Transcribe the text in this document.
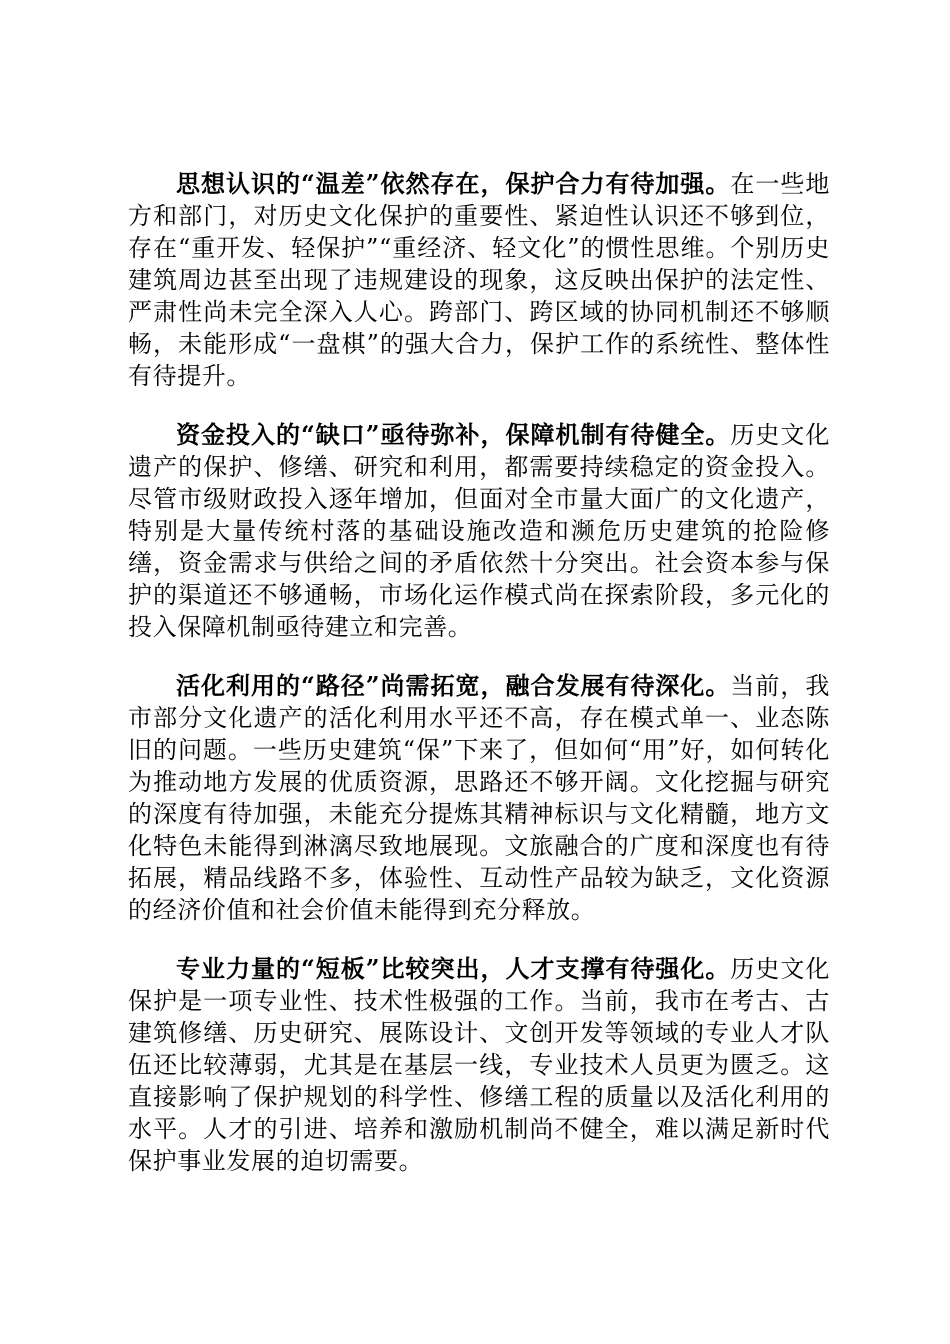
思想认识的“温差”依然存在，保护合力有待加强。在一些地方和部门，对历史文化保护的重要性、紧迫性认识还不够到位，存在“重开发、轻保护”“重经济、轻文化”的惯性思维。个别历史建筑周边甚至出现了违规建设的现象，这反映出保护的法定性、严肃性尚未完全深入人心。跨部门、跨区域的协同机制还不够顺畅，未能形成“一盘棋”的强大合力，保护工作的系统性、整体性有待提升。

资金投入的“缺口”亟待弥补，保障机制有待健全。历史文化遗产的保护、修缮、研究和利用，都需要持续稳定的资金投入。尽管市级财政投入逐年增加，但面对全市量大面广的文化遗产，特别是大量传统村落的基础设施改造和濒危历史建筑的抢险修缮，资金需求与供给之间的矛盾依然十分突出。社会资本参与保护的渠道还不够通畅，市场化运作模式尚在探索阶段，多元化的投入保障机制亟待建立和完善。

活化利用的“路径”尚需拓宽，融合发展有待深化。当前，我市部分文化遗产的活化利用水平还不高，存在模式单一、业态陈旧的问题。一些历史建筑“保”下来了，但如何“用”好，如何转化为推动地方发展的优质资源，思路还不够开阔。文化挖掘与研究的深度有待加强，未能充分提炼其精神标识与文化精髓，地方文化特色未能得到淋漓尽致地展现。文旅融合的广度和深度也有待拓展，精品线路不多，体验性、互动性产品较为缺乏，文化资源的经济价值和社会价值未能得到充分释放。

专业力量的“短板”比较突出，人才支撑有待强化。历史文化保护是一项专业性、技术性极强的工作。当前，我市在考古、古建筑修缮、历史研究、展陈设计、文创开发等领域的专业人才队伍还比较薄弱，尤其是在基层一线，专业技术人员更为匮乏。这直接影响了保护规划的科学性、修缮工程的质量以及活化利用的水平。人才的引进、培养和激励机制尚不健全，难以满足新时代保护事业发展的迫切需要。
